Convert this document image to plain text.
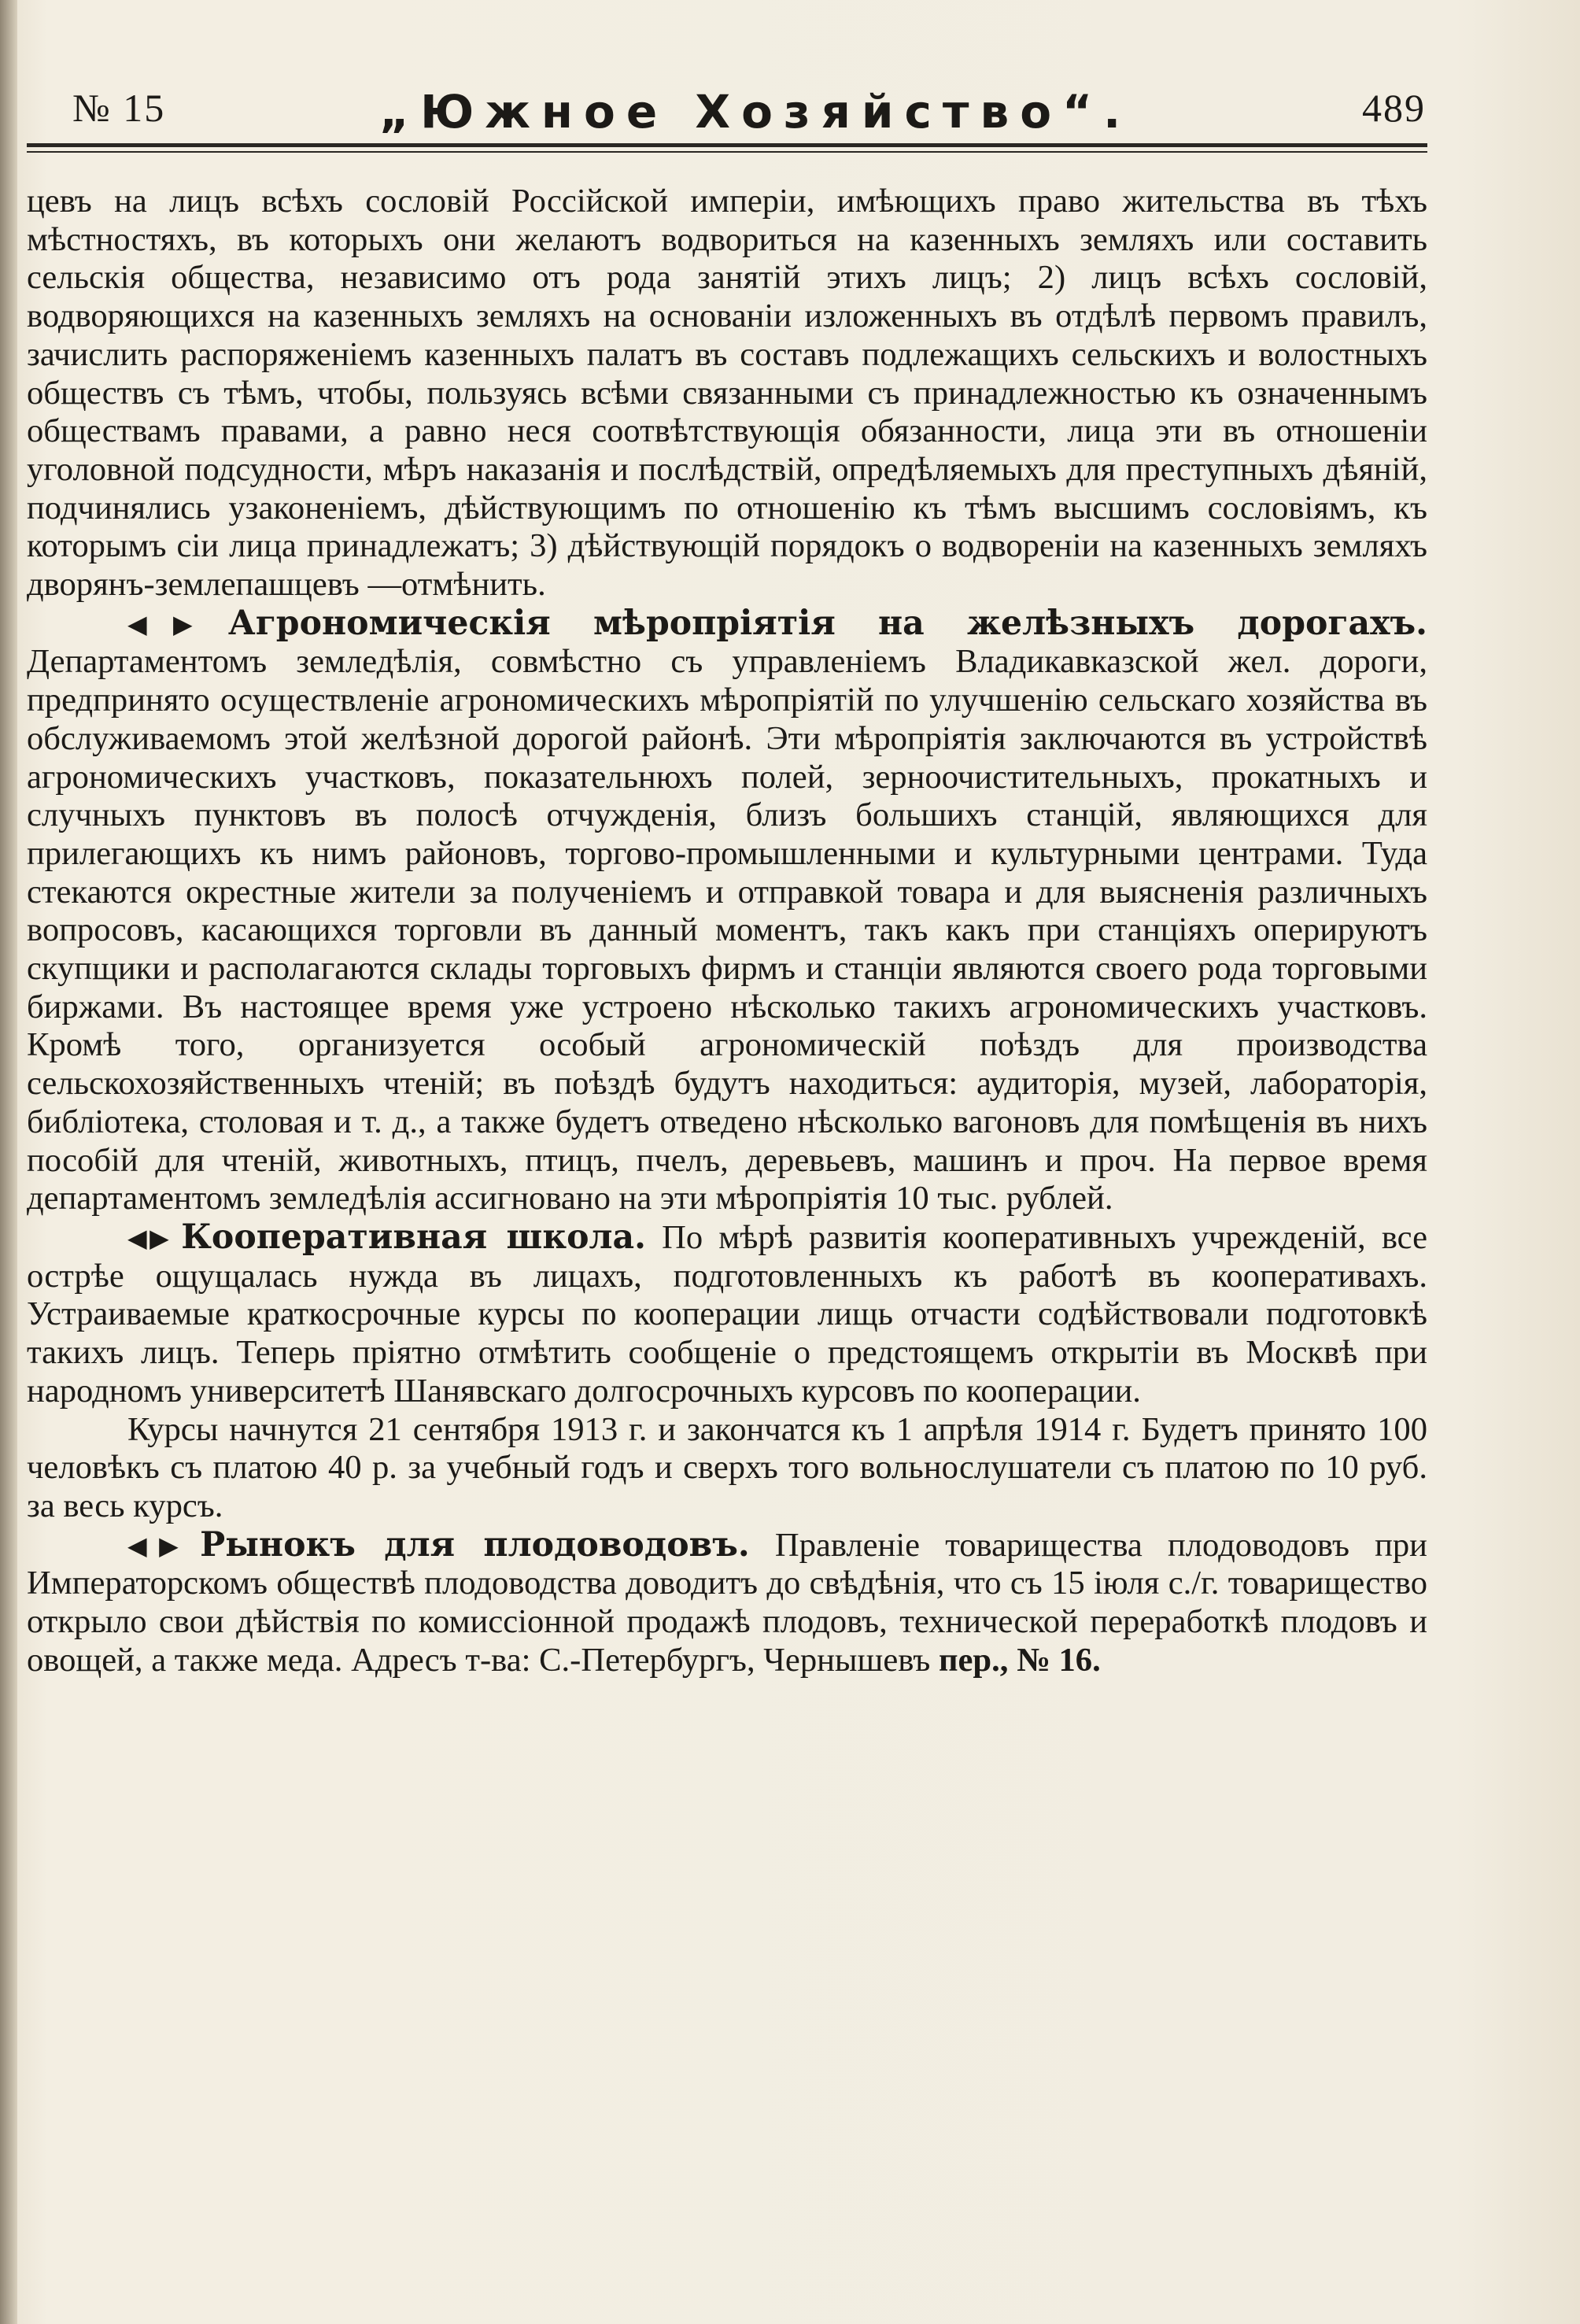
№ 15	„Южное Хозяйство“.	489

цевъ на лицъ всѣхъ сословій Россійской имперіи, имѣющихъ право жительства въ тѣхъ мѣстностяхъ, въ которыхъ они желаютъ водвориться на казенныхъ земляхъ или составить сельскія общества, независимо отъ рода занятій этихъ лицъ; 2) лицъ всѣхъ сословій, водворяющихся на казенныхъ земляхъ на основаніи изложенныхъ въ отдѣлѣ первомъ правилъ, зачислить распоряженіемъ казенныхъ палатъ въ составъ подлежащихъ сельскихъ и волостныхъ обществъ съ тѣмъ, чтобы, пользуясь всѣми связанными съ принадлежностью къ означеннымъ обществамъ правами, а равно неся соотвѣтствующія обязанности, лица эти въ отношеніи уголовной подсудности, мѣръ наказанія и послѣдствій, опредѣляемыхъ для преступныхъ дѣяній, подчинялись узаконеніемъ, дѣйствующимъ по отношенію къ тѣмъ высшимъ сословіямъ, къ которымъ сіи лица принадлежатъ; 3) дѣйствующій порядокъ о водвореніи на казенныхъ земляхъ дворянъ-землепашцевъ —отмѣнить.

◀▶ Агрономическія мѣропріятія на желѣзныхъ дорогахъ. Департаментомъ земледѣлія, совмѣстно съ управленіемъ Владикавказской жел. дороги, предпринято осуществленіе агрономическихъ мѣропріятій по улучшенію сельскаго хозяйства въ обслуживаемомъ этой желѣзной дорогой районѣ. Эти мѣропріятія заключаются въ устройствѣ агрономическихъ участковъ, показательнюхъ полей, зерноочистительныхъ, прокатныхъ и случныхъ пунктовъ въ полосѣ отчужденія, близъ большихъ станцій, являющихся для прилегающихъ къ нимъ районовъ, торгово-промышленными и культурными центрами. Туда стекаются окрестные жители за полученіемъ и отправкой товара и для выясненія различныхъ вопросовъ, касающихся торговли въ данный моментъ, такъ какъ при станціяхъ оперируютъ скупщики и располагаются склады торговыхъ фирмъ и станціи являются своего рода торговыми биржами. Въ настоящее время уже устроено нѣсколько такихъ агрономическихъ участковъ. Кромѣ того, организуется особый агрономическій поѣздъ для производства сельскохозяйственныхъ чтеній; въ поѣздѣ будутъ находиться: аудиторія, музей, лабораторія, библіотека, столовая и т. д., а также будетъ отведено нѣсколько вагоновъ для помѣщенія въ нихъ пособій для чтеній, животныхъ, птицъ, пчелъ, деревьевъ, машинъ и проч. На первое время департаментомъ земледѣлія ассигновано на эти мѣропріятія 10 тыс. рублей.

◀▶ Кооперативная школа. По мѣрѣ развитія кооперативныхъ учрежденій, все острѣе ощущалась нужда въ лицахъ, подготовленныхъ къ работѣ въ кооперативахъ. Устраиваемые краткосрочные курсы по кооперации лищь отчасти содѣйствовали подготовкѣ такихъ лицъ. Теперь пріятно отмѣтить сообщеніе о предстоящемъ открытіи въ Москвѣ при народномъ университетѣ Шанявскаго долгосрочныхъ курсовъ по кооперации.

Курсы начнутся 21 сентября 1913 г. и закончатся къ 1 апрѣля 1914 г. Будетъ принято 100 человѣкъ съ платою 40 р. за учебный годъ и сверхъ того вольнослушатели съ платою по 10 руб. за весь курсъ.

◀▶ Рынокъ для плодоводовъ. Правленіе товарищества плодоводовъ при Императорскомъ обществѣ плодоводства доводитъ до свѣдѣнія, что съ 15 іюля с./г. товарищество открыло свои дѣйствія по комиссіонной продажѣ плодовъ, технической переработкѣ плодовъ и овощей, а также меда. Адресъ т-ва: С.-Петербургъ, Чернышевъ пер., № 16.
